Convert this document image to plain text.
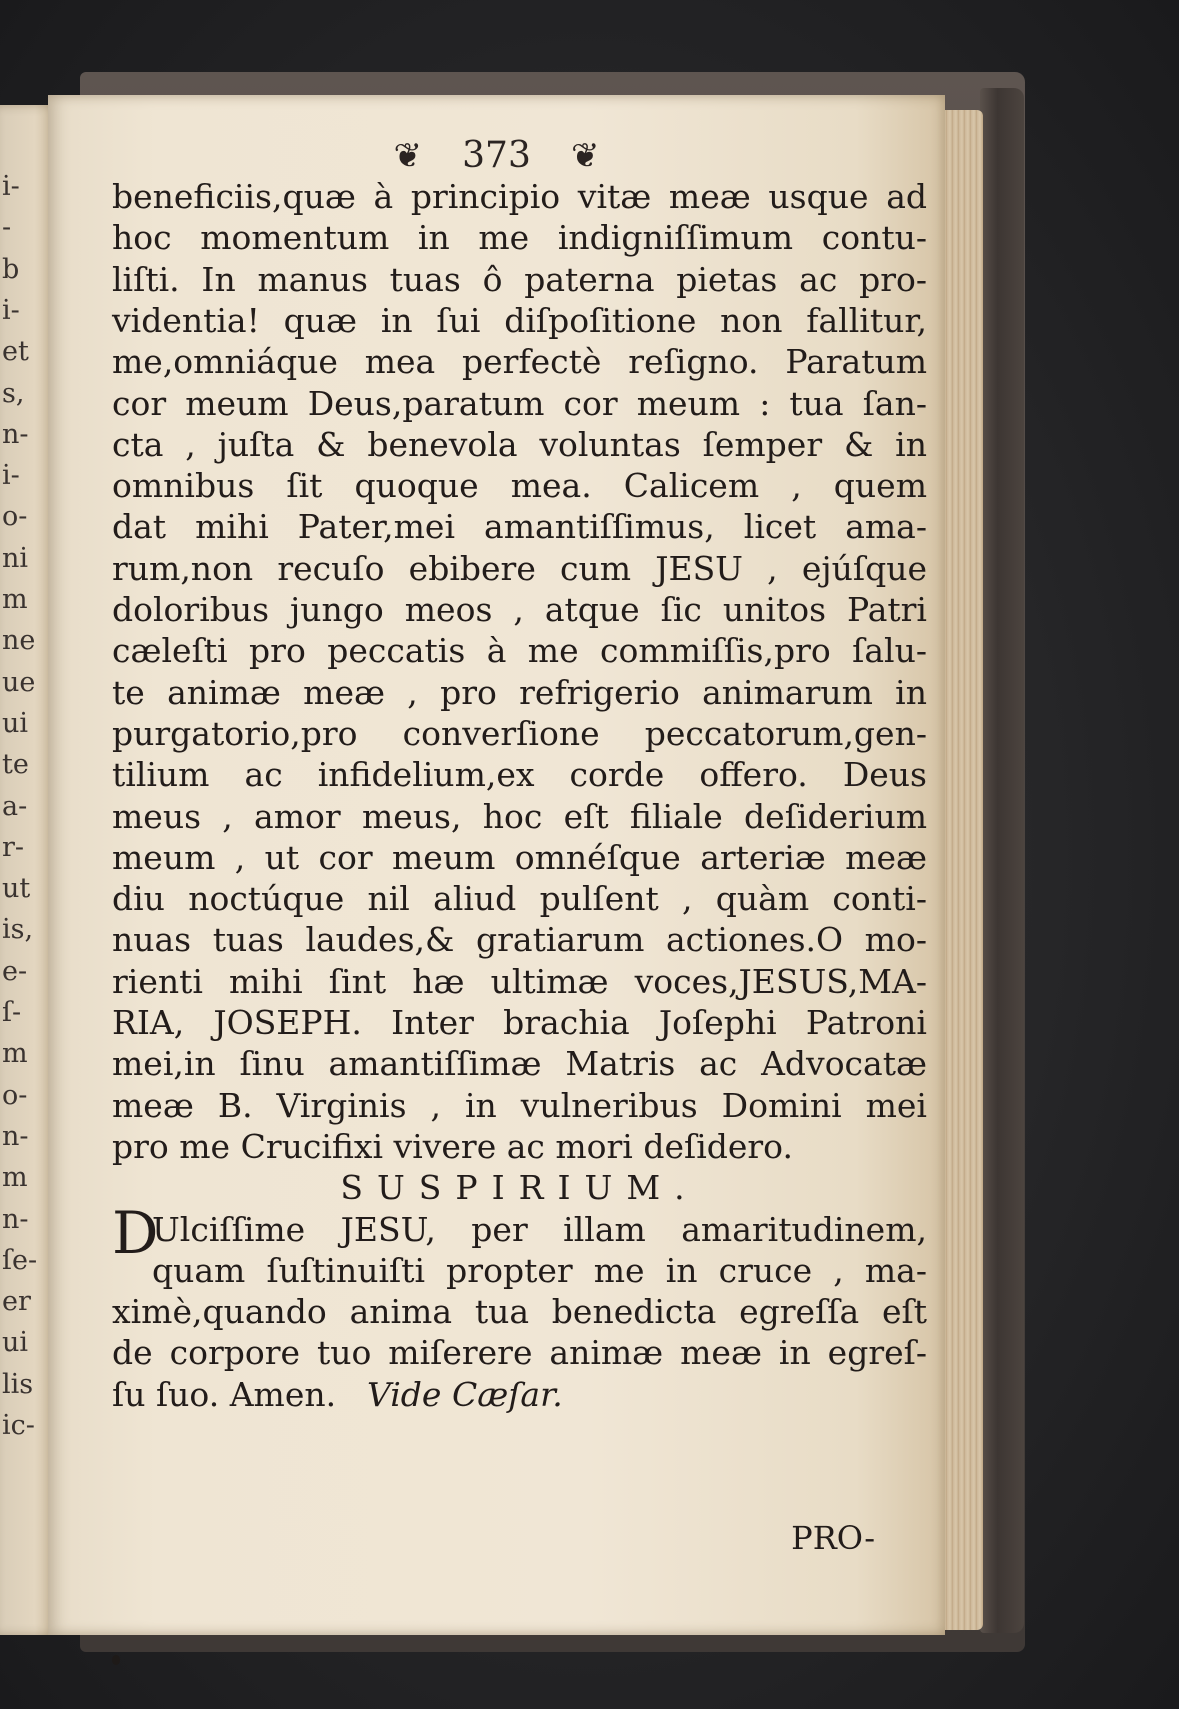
i-
-
b
i-
et
s,
n-
i-
o-
ni
m
ne
ue
ui
te
a-
r-
ut
is,
e-
ſ-
m
o-
n-
m
n-
ſe-
er
ui
lis
ic-
❦ 373 ❦
beneficiis,quæ à principio vitæ meæ usque ad
hoc momentum in me indigniſſimum contu-
liſti. In manus tuas ô paterna pietas ac pro-
videntia! quæ in ſui diſpoſitione non fallitur,
me,omniáque mea perfectè reſigno. Paratum
cor meum Deus,paratum cor meum : tua ſan-
cta , juſta & benevola voluntas ſemper & in
omnibus ſit quoque mea. Calicem , quem
dat mihi Pater,mei amantiſſimus, licet ama-
rum,non recuſo ebibere cum JESU , ejúſque
doloribus jungo meos , atque ſic unitos Patri
cæleſti pro peccatis à me commiſſis,pro ſalu-
te animæ meæ , pro refrigerio animarum in
purgatorio,pro converſione peccatorum,gen-
tilium ac infidelium,ex corde offero. Deus
meus , amor meus, hoc eſt filiale deſiderium
meum , ut cor meum omnéſque arteriæ meæ
diu noctúque nil aliud pulſent , quàm conti-
nuas tuas laudes,& gratiarum actiones.O mo-
rienti mihi ſint hæ ultimæ voces,JESUS,MA-
RIA, JOSEPH. Inter brachia Joſephi Patroni
mei,in ſinu amantiſſimæ Matris ac Advocatæ
meæ B. Virginis , in vulneribus Domini mei
pro me Crucifixi vivere ac mori deſidero.
SUSPIRIUM.
D
Ulciſſime JESU, per illam amaritudinem,
quam ſuſtinuiſti propter me in cruce , ma-
ximè,quando anima tua benedicta egreſſa eſt
de corpore tuo miſerere animæ meæ in egreſ-
ſu ſuo. Amen. Vide Cæſar.
PRO-
